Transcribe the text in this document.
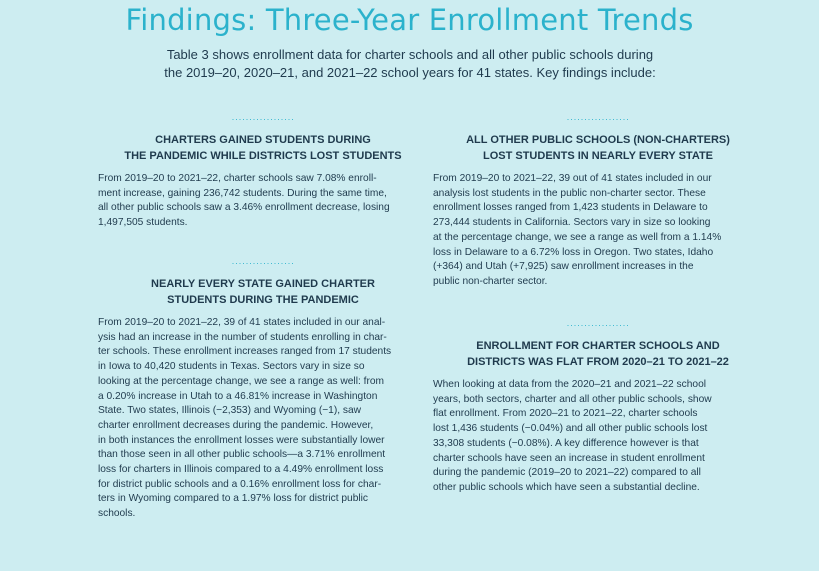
Findings: Three-Year Enrollment Trends
Table 3 shows enrollment data for charter schools and all other public schools during
the 2019–20, 2020–21, and 2021–22 school years for 41 states. Key findings include:
··················
CHARTERS GAINED STUDENTS DURING
THE PANDEMIC WHILE DISTRICTS LOST STUDENTS
From 2019–20 to 2021–22, charter schools saw 7.08% enroll-
ment increase, gaining 236,742 students. During the same time,
all other public schools saw a 3.46% enrollment decrease, losing
1,497,505 students.
··················
NEARLY EVERY STATE GAINED CHARTER
STUDENTS DURING THE PANDEMIC
From 2019–20 to 2021–22, 39 of 41 states included in our anal-
ysis had an increase in the number of students enrolling in char-
ter schools. These enrollment increases ranged from 17 students
in Iowa to 40,420 students in Texas. Sectors vary in size so
looking at the percentage change, we see a range as well: from
a 0.20% increase in Utah to a 46.81% increase in Washington
State. Two states, Illinois (−2,353) and Wyoming (−1), saw
charter enrollment decreases during the pandemic. However,
in both instances the enrollment losses were substantially lower
than those seen in all other public schools—a 3.71% enrollment
loss for charters in Illinois compared to a 4.49% enrollment loss
for district public schools and a 0.16% enrollment loss for char-
ters in Wyoming compared to a 1.97% loss for district public
schools.
··················
ALL OTHER PUBLIC SCHOOLS (NON-CHARTERS)
LOST STUDENTS IN NEARLY EVERY STATE
From 2019–20 to 2021–22, 39 out of 41 states included in our
analysis lost students in the public non-charter sector. These
enrollment losses ranged from 1,423 students in Delaware to
273,444 students in California. Sectors vary in size so looking
at the percentage change, we see a range as well from a 1.14%
loss in Delaware to a 6.72% loss in Oregon. Two states, Idaho
(+364) and Utah (+7,925) saw enrollment increases in the
public non-charter sector.
··················
ENROLLMENT FOR CHARTER SCHOOLS AND
DISTRICTS WAS FLAT FROM 2020–21 TO 2021–22
When looking at data from the 2020–21 and 2021–22 school
years, both sectors, charter and all other public schools, show
flat enrollment. From 2020–21 to 2021–22, charter schools
lost 1,436 students (−0.04%) and all other public schools lost
33,308 students (−0.08%). A key difference however is that
charter schools have seen an increase in student enrollment
during the pandemic (2019–20 to 2021–22) compared to all
other public schools which have seen a substantial decline.
